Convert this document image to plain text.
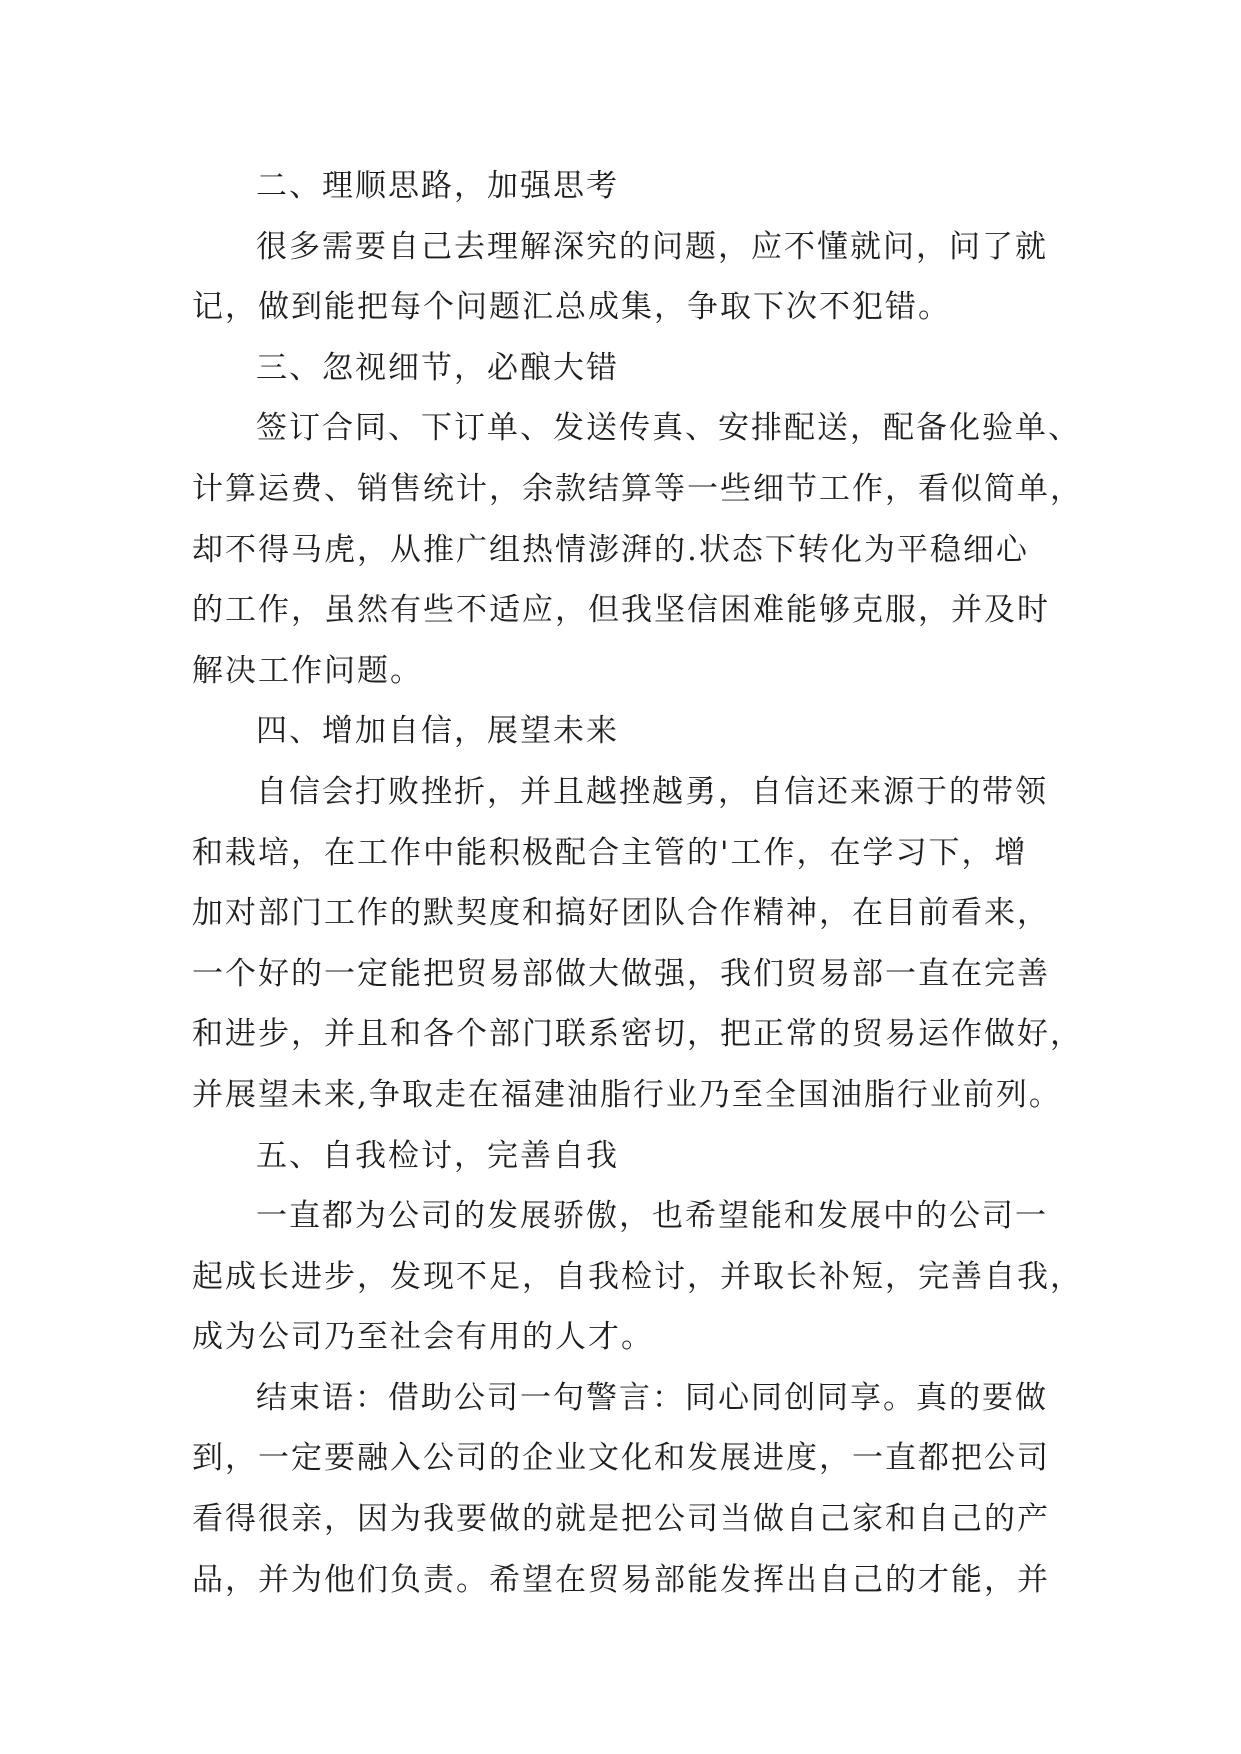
二、理顺思路，加强思考
很多需要自己去理解深究的问题，应不懂就问，问了就
记，做到能把每个问题汇总成集，争取下次不犯错。
三、忽视细节，必酿大错
签订合同、下订单、发送传真、安排配送，配备化验单、
计算运费、销售统计，余款结算等一些细节工作，看似简单，
却不得马虎，从推广组热情澎湃的.状态下转化为平稳细心
的工作，虽然有些不适应，但我坚信困难能够克服，并及时
解决工作问题。
四、增加自信，展望未来
自信会打败挫折，并且越挫越勇，自信还来源于的带领
和栽培，在工作中能积极配合主管的'工作，在学习下，增
加对部门工作的默契度和搞好团队合作精神，在目前看来，
一个好的一定能把贸易部做大做强，我们贸易部一直在完善
和进步，并且和各个部门联系密切，把正常的贸易运作做好，
并展望未来,争取走在福建油脂行业乃至全国油脂行业前列。
五、自我检讨，完善自我
一直都为公司的发展骄傲，也希望能和发展中的公司一
起成长进步，发现不足，自我检讨，并取长补短，完善自我，
成为公司乃至社会有用的人才。
结束语：借助公司一句警言：同心同创同享。真的要做
到，一定要融入公司的企业文化和发展进度，一直都把公司
看得很亲，因为我要做的就是把公司当做自己家和自己的产
品，并为他们负责。希望在贸易部能发挥出自己的才能，并
